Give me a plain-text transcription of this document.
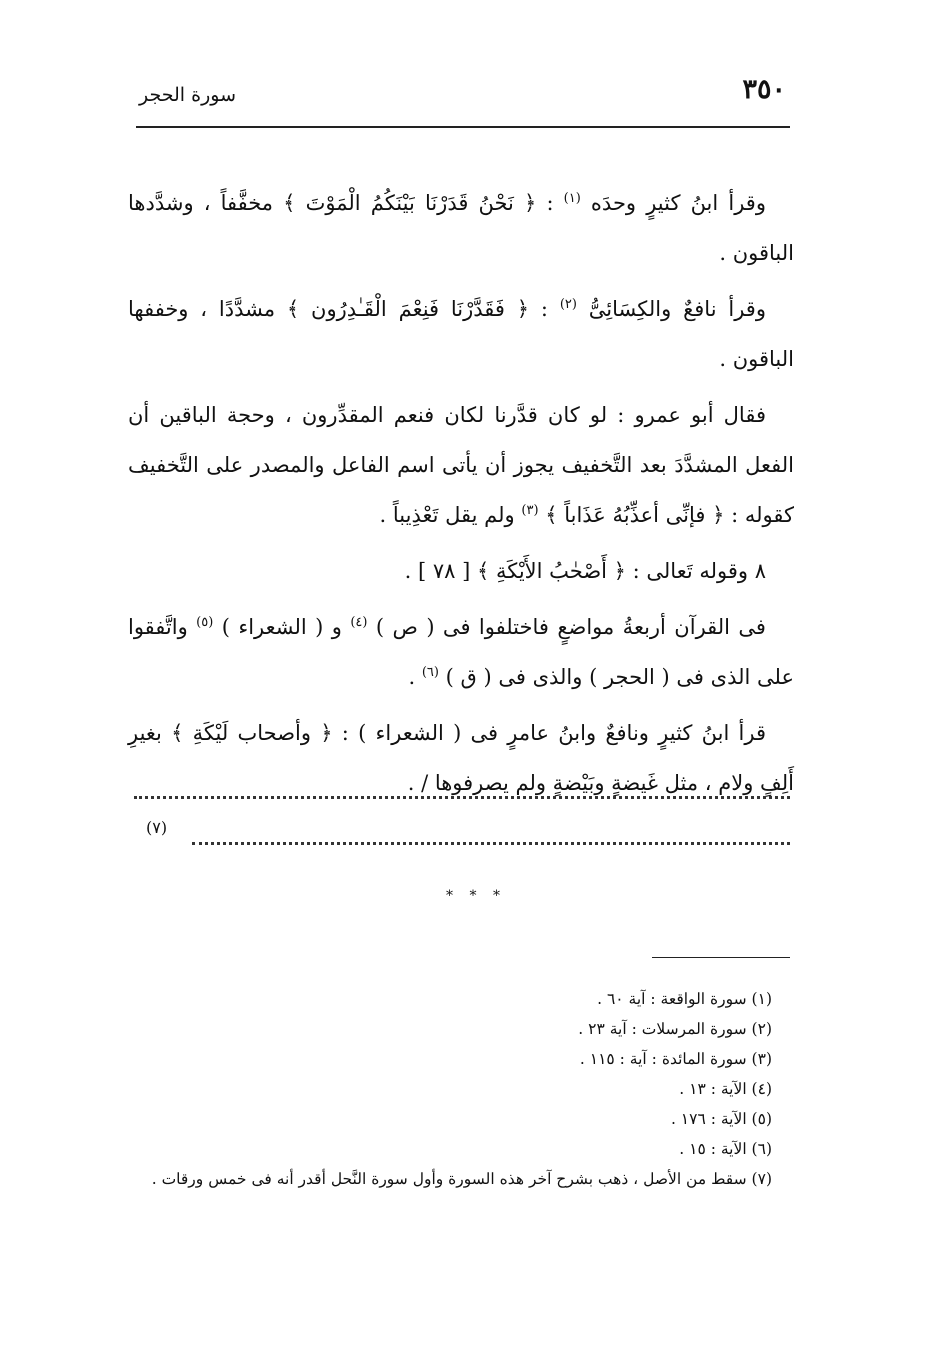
٣٥٠
سورة الحجر

وقرأ ابنُ كثيرٍ وحدَه $^{(١)}$ : ﴿ نَحْنُ قَدَرْنَا بَيْنَكُمُ الْمَوْتَ ﴾ مخفَّفاً ، وشدَّدها الباقون .

وقرأ نافعٌ والكِسَائِىُّ $^{(٢)}$ : ﴿ فَقَدَّرْنَا فَنِعْمَ الْقَـٰدِرُون ﴾ مشدَّدًا ، وخففها الباقون .

فقال أبو عمرو : لو كان قدَّرنا لكان فنعم المقدِّرون ، وحجة الباقين أن الفعل المشدَّدَ بعد التَّخفيف يجوز أن يأتى اسم الفاعل والمصدر على التَّخفيف كقوله : ﴿ فإنِّى أعذِّبُهُ عَذَاباً ﴾ $^{(٣)}$ ولم يقل تَعْذِيباً .

٨ وقوله تَعالى : ﴿ أَصْحٰبُ الأَيْكَةِ ﴾ [ ٧٨ ] .

فى القرآن أربعةُ مواضعٍ فاختلفوا فى ( ص ) $^{(٤)}$ و ( الشعراء ) $^{(٥)}$ واتَّفقوا على الذى فى ( الحجر ) والذى فى ( ق ) $^{(٦)}$ .

قرأ ابنُ كثيرٍ ونافعٌ وابنُ عامرٍ فى ( الشعراء ) : ﴿ وأصحاب لَيْكَةِ ﴾ بغيرِ أَلِفٍ ولام ، مثل غَيضةٍ وبَيْضةٍ ولم يصرفوها / .

(٧)
* * *

(١) سورة الواقعة : آية ٦٠ .

(٢) سورة المرسلات : آية ٢٣ .

(٣) سورة المائدة : آية : ١١٥ .

(٤) الآية : ١٣ .

(٥) الآية : ١٧٦ .

(٦) الآية : ١٥ .

(٧) سقط من الأصل ، ذهب بشرح آخر هذه السورة وأول سورة النَّحل أقدر أنه فى خمس ورقات .
